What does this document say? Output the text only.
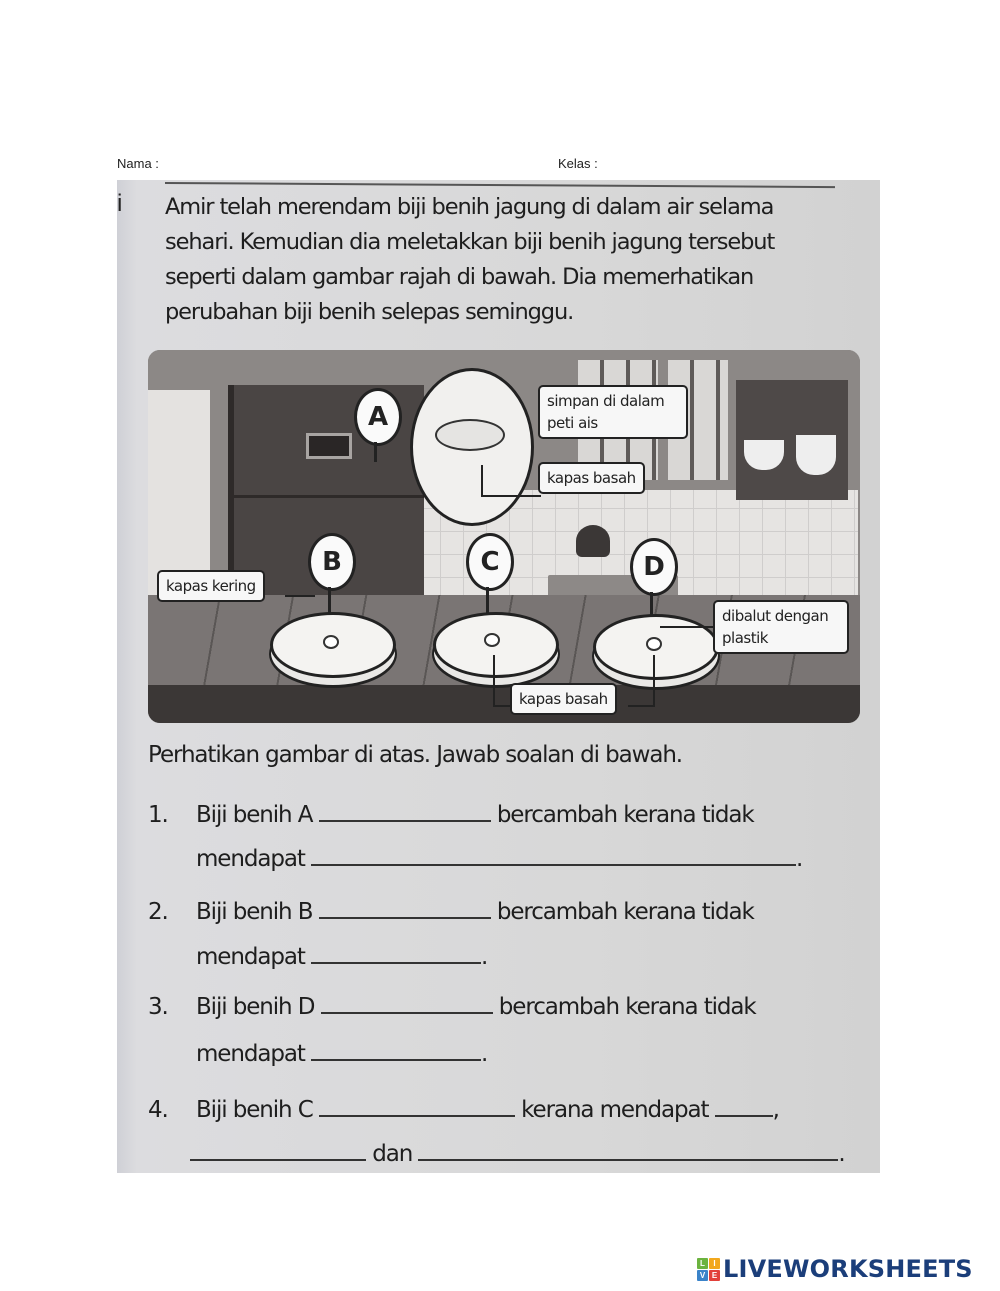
Nama :	Kelas :
i Amir telah merendam biji benih jagung di dalam air selama sehari. Kemudian dia meletakkan biji benih jagung tersebut seperti dalam gambar rajah di bawah. Dia memerhatikan perubahan biji benih selepas seminggu.
A
B	C	D
simpan di dalam peti ais
kapas basah
kapas kering
dibalut dengan plastik
kapas basah
Perhatikan gambar di atas. Jawab soalan di bawah.
1. Biji benih A	bercambah kerana tidak
mendapat	.
2. Biji benih B	bercambah kerana tidak
mendapat	.
3. Biji benih D	bercambah kerana tidak
mendapat	.
4. Biji benih C	kerana mendapat	,
dan	.
L	I
V E LIVEWORKSHEETS
